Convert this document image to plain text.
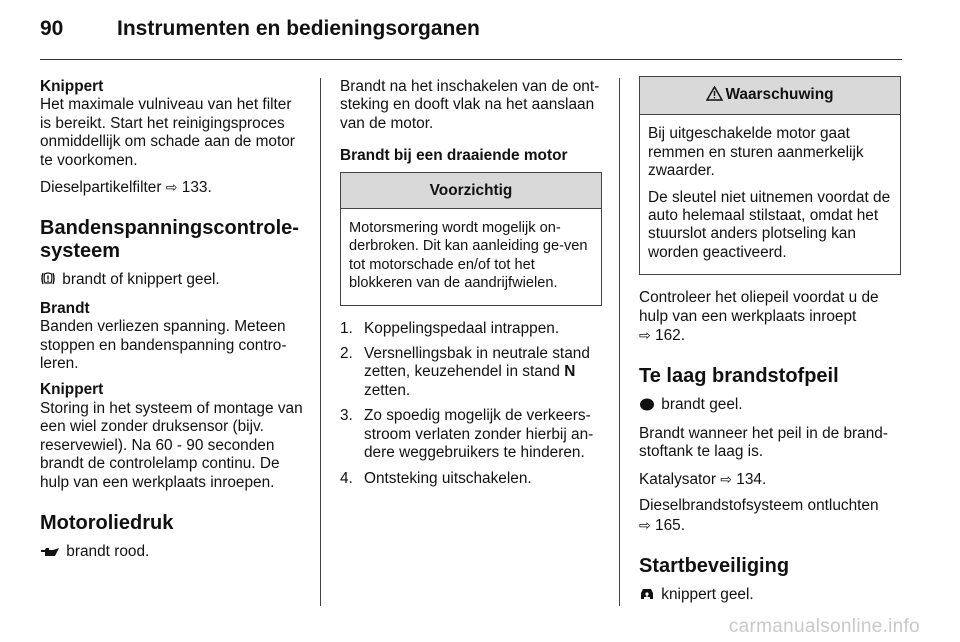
90	Instrumenten en bedieningsorganen
Knippert

Het maximale vulniveau van het filter is bereikt. Start het reinigingsproces onmiddellijk om schade aan de motor te voorkomen.

Dieselpartikelfilter ⇨ 133.

Bandenspanningscontrole-systeem

brandt of knippert geel.

Brandt

Banden verliezen spanning. Meteen stoppen en bandenspanning contro-leren.

Knippert

Storing in het systeem of montage van een wiel zonder druksensor (bijv. reservewiel). Na 60 - 90 seconden brandt de controlelamp continu. De hulp van een werkplaats inroepen.

Motoroliedruk

brandt rood.

Brandt na het inschakelen van de ont-steking en dooft vlak na het aanslaan van de motor.

Brandt bij een draaiende motor
Voorzichtig

Motorsmering wordt mogelijk on-derbroken. Dit kan aanleiding ge-ven tot motorschade en/of tot het blokkeren van de aandrijfwielen.

1. Koppelingspedaal intrappen.
2. Versnellingsbak in neutrale stand zetten, keuzehendel in stand N zetten.
3. Zo spoedig mogelijk de verkeers-stroom verlaten zonder hierbij an-dere weggebruikers te hinderen.
4. Ontsteking uitschakelen.
Waarschuwing

Bij uitgeschakelde motor gaat remmen en sturen aanmerkelijk zwaarder.

De sleutel niet uitnemen voordat de auto helemaal stilstaat, omdat het stuurslot anders plotseling kan worden geactiveerd.

Controleer het oliepeil voordat u de hulp van een werkplaats inroept
⇨ 162.

Te laag brandstofpeil

brandt geel.

Brandt wanneer het peil in de brand-stoftank te laag is.

Katalysator ⇨ 134.

Dieselbrandstofsysteem ontluchten
⇨ 165.

Startbeveiliging

knippert geel.

carmanualsonline.info
